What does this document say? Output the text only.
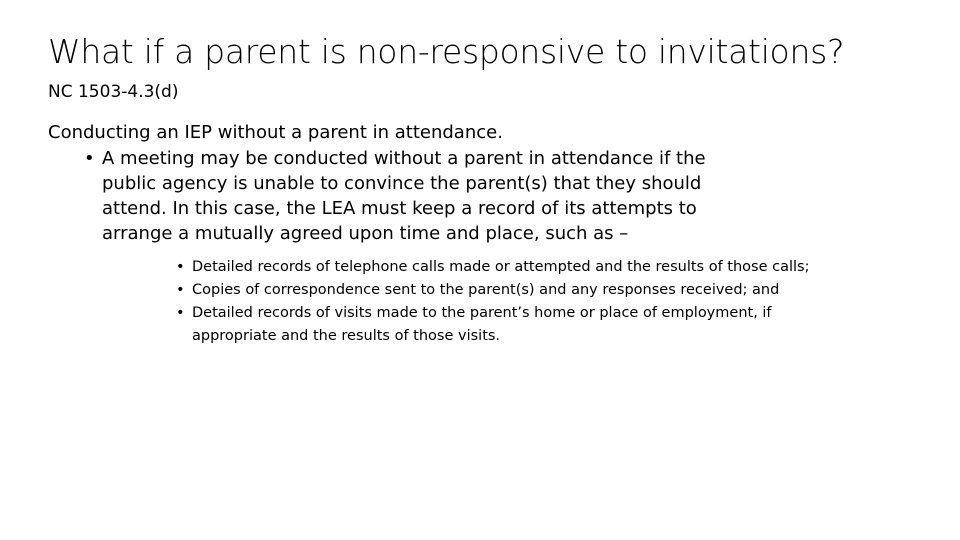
What if a parent is non-responsive to invitations?
NC 1503-4.3(d)

Conducting an IEP without a parent in attendance.

• A meeting may be conducted without a parent in attendance if the public agency is unable to convince the parent(s) that they should attend. In this case, the LEA must keep a record of its attempts to arrange a mutually agreed upon time and place, such as –
• Detailed records of telephone calls made or attempted and the results of those calls;
• Copies of correspondence sent to the parent(s) and any responses received; and
• Detailed records of visits made to the parent’s home or place of employment, if appropriate and the results of those visits.
